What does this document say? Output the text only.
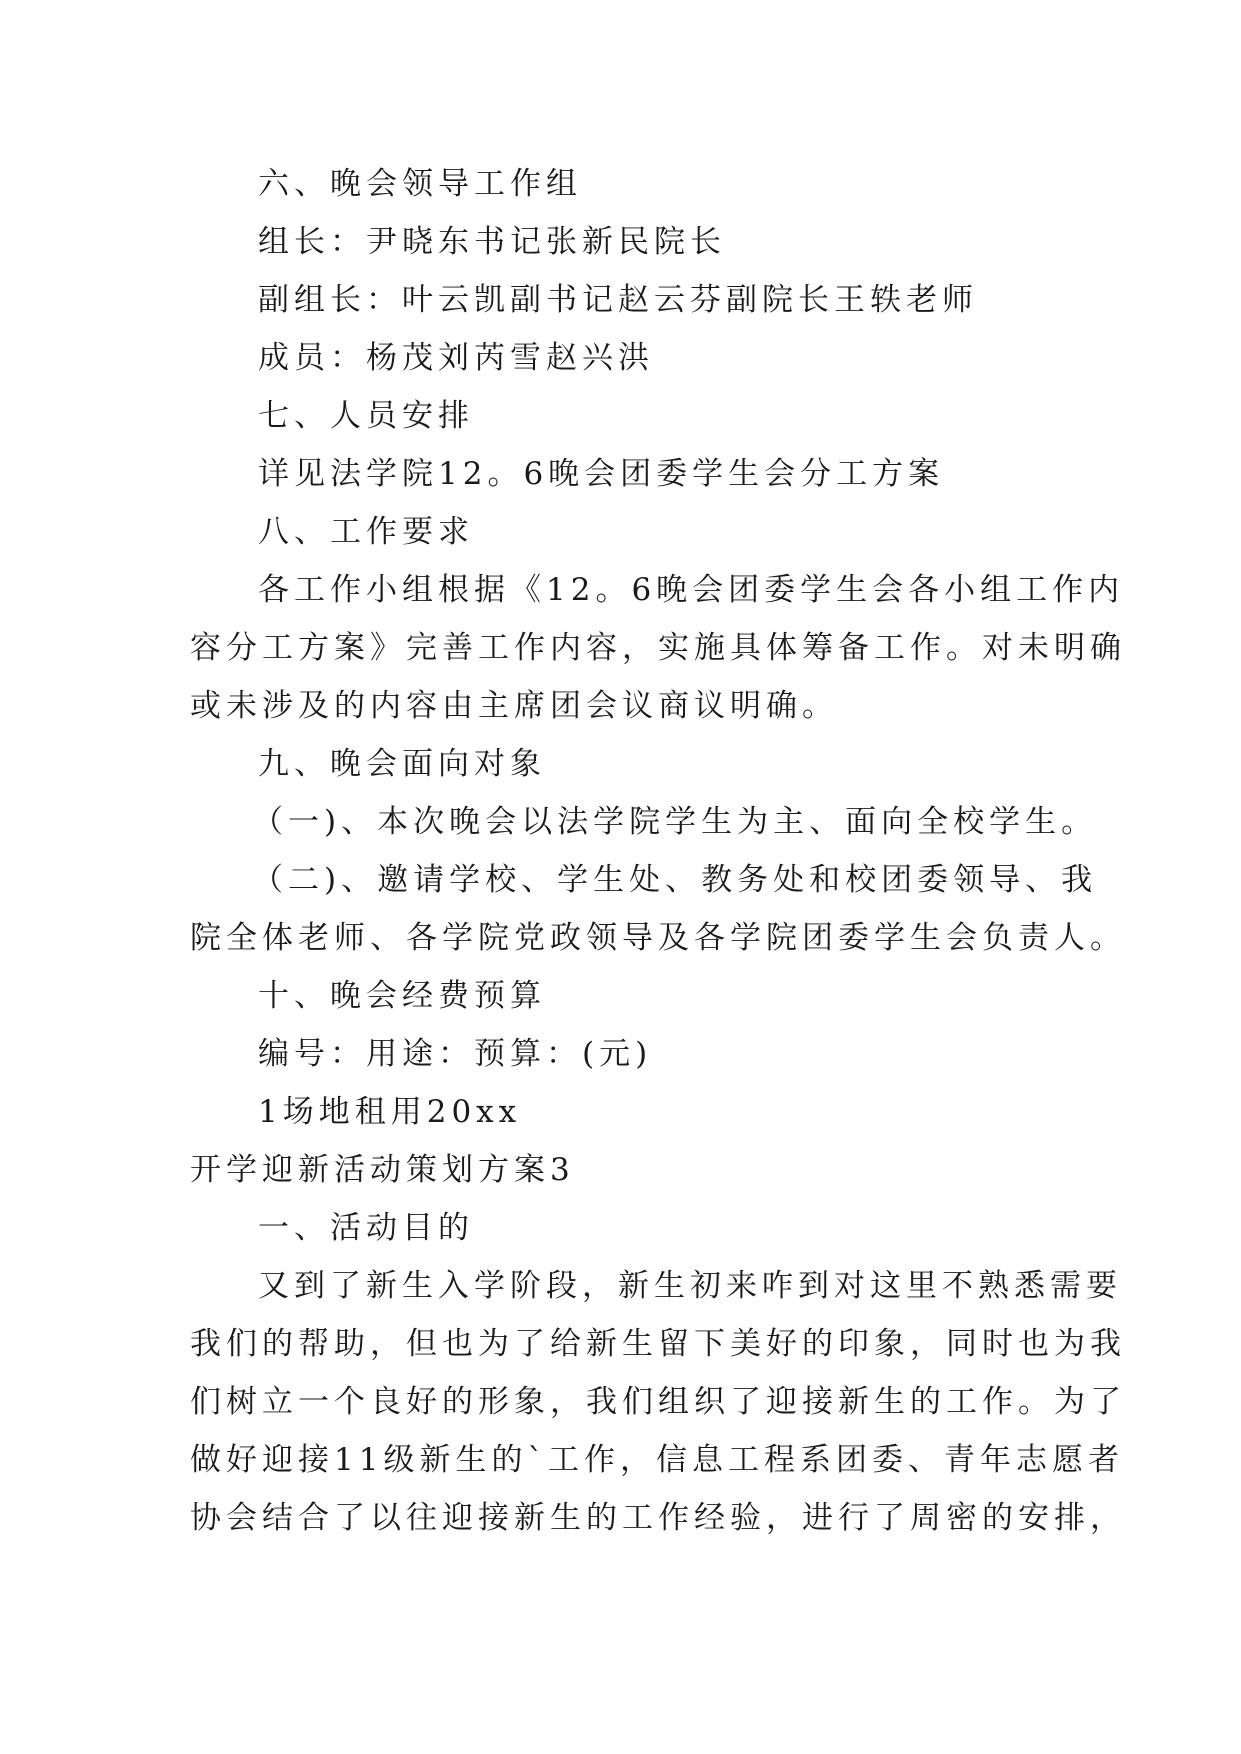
六、晚会领导工作组
组长：尹晓东书记张新民院长
副组长：叶云凯副书记赵云芬副院长王轶老师
成员：杨茂刘芮雪赵兴洪
七、人员安排
详见法学院12。6晚会团委学生会分工方案
八、工作要求
各工作小组根据《12。6晚会团委学生会各小组工作内
容分工方案》完善工作内容，实施具体筹备工作。对未明确
或未涉及的内容由主席团会议商议明确。
九、晚会面向对象
（一)、本次晚会以法学院学生为主、面向全校学生。
（二)、邀请学校、学生处、教务处和校团委领导、我
院全体老师、各学院党政领导及各学院团委学生会负责人。
十、晚会经费预算
编号：用途：预算：(元)
1场地租用20xx
开学迎新活动策划方案3
一、活动目的
又到了新生入学阶段，新生初来咋到对这里不熟悉需要
我们的帮助，但也为了给新生留下美好的印象，同时也为我
们树立一个良好的形象，我们组织了迎接新生的工作。为了
做好迎接11级新生的`工作，信息工程系团委、青年志愿者
协会结合了以往迎接新生的工作经验，进行了周密的安排，
